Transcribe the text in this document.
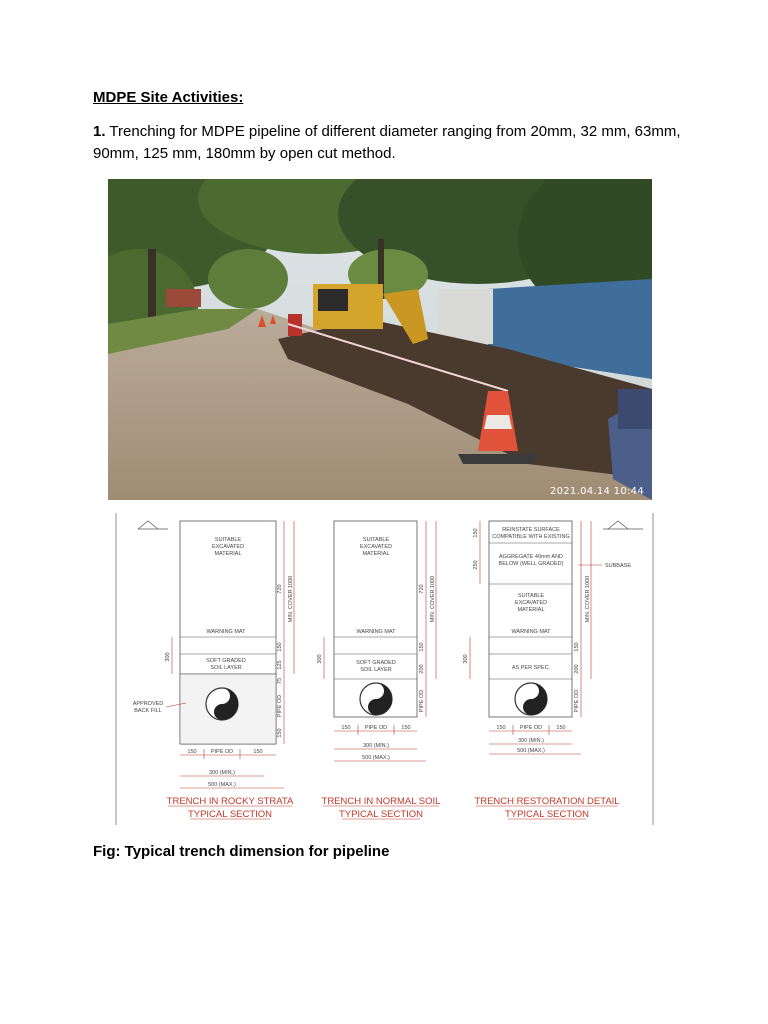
MDPE Site Activities:
1. Trenching for MDPE pipeline of different diameter ranging from 20mm, 32 mm, 63mm, 90mm, 125 mm, 180mm by open cut method.
2021.04.14 10:44
SUITABLE
EXCAVATED
MATERIAL
WARNING MAT
SOFT GRADED
SOIL LAYER
APPROVED
BACK FILL
720 MIN. COVER 1000
150
125
75
PIPE OD
150
300
150	PIPE OD	150
300 (MIN.)
500 (MAX.)
TRENCH IN ROCKY STRATA
TYPICAL SECTION
SUITABLE
EXCAVATED
MATERIAL
WARNING MAT
SOFT GRADED
SOIL LAYER
720 MIN. COVER 1000
150
200
PIPE OD
300
150	PIPE OD	150
300 (MIN.)
500 (MAX.)
TRENCH IN NORMAL SOIL
TYPICAL SECTION
REINSTATE SURFACE
COMPATIBLE WITH EXISTING
AGGREGATE 40mm AND
BELOW (WELL GRADED)	SUBBASE
SUITABLE
EXCAVATED
MATERIAL
WARNING MAT
AS PER SPEC.
MIN. COVER 1000
150
200
PIPE OD
150
250
300
150	PIPE OD	150
300 (MIN.)
500 (MAX.)
TRENCH RESTORATION DETAIL
TYPICAL SECTION
Fig: Typical trench dimension for pipeline
